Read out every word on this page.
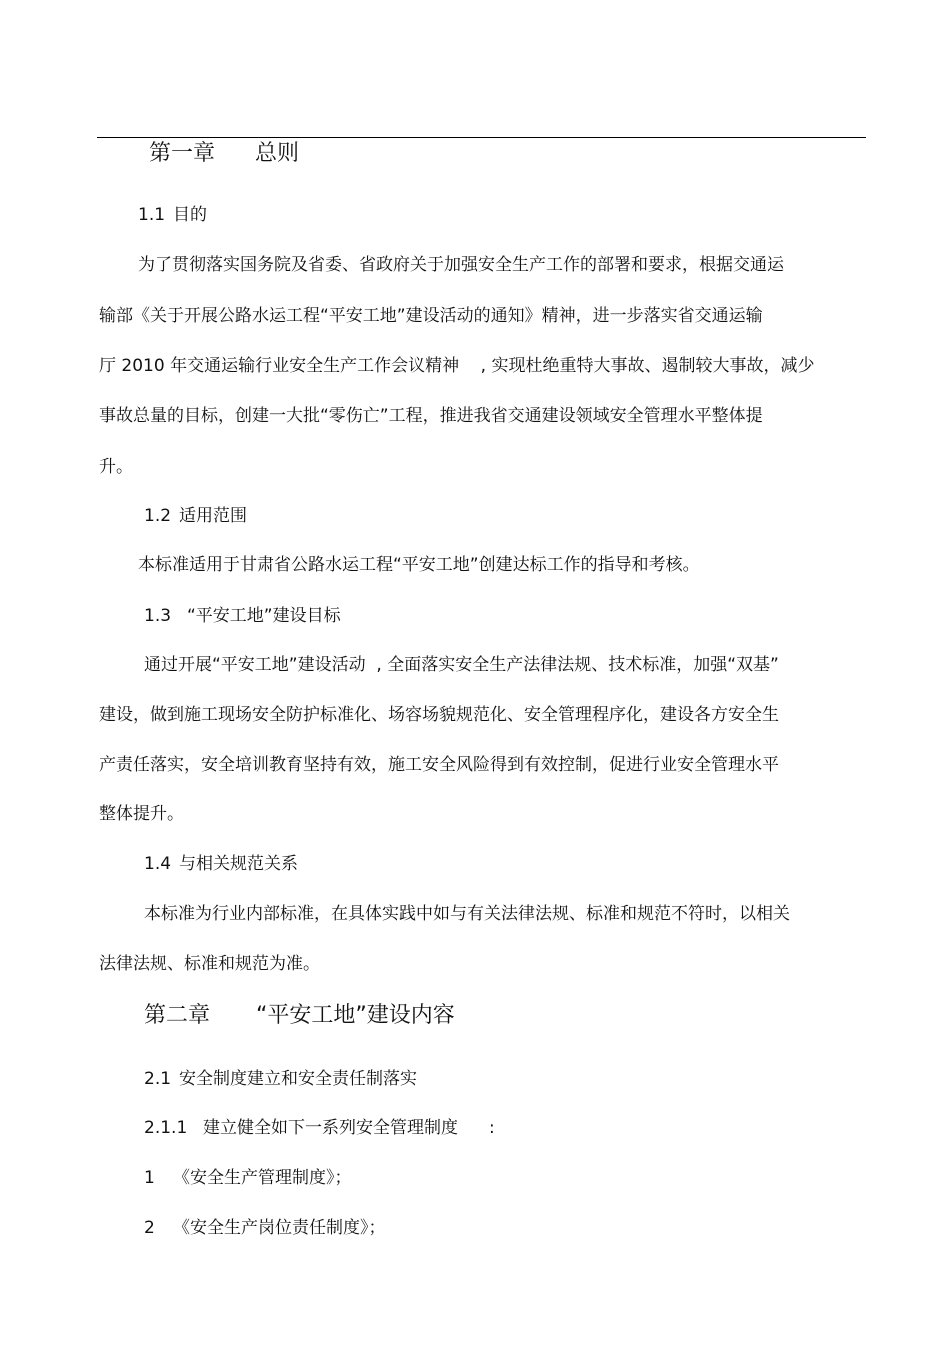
第一章 总则
1.1 目的
为了贯彻落实国务院及省委、省政府关于加强安全生产工作的部署和要求，根据交通运
输部《关于开展公路水运工程“平安工地”建设活动的通知》精神，进一步落实省交通运输
厅 2010 年交通运输行业安全生产工作会议精神    , 实现杜绝重特大事故、遏制较大事故，减少
事故总量的目标，创建一大批“零伤亡”工程，推进我省交通建设领域安全管理水平整体提
升。
1.2 适用范围
本标准适用于甘肃省公路水运工程“平安工地”创建达标工作的指导和考核。
1.3 “平安工地”建设目标
通过开展“平安工地”建设活动  , 全面落实安全生产法律法规、技术标准，加强“双基”
建设，做到施工现场安全防护标准化、场容场貌规范化、安全管理程序化，建设各方安全生
产责任落实，安全培训教育坚持有效，施工安全风险得到有效控制，促进行业安全管理水平
整体提升。
1.4 与相关规范关系
本标准为行业内部标准，在具体实践中如与有关法律法规、标准和规范不符时，以相关
法律法规、标准和规范为准。
第二章 “平安工地”建设内容
2.1 安全制度建立和安全责任制落实
2.1.1 建立健全如下一系列安全管理制度 :
1 《安全生产管理制度》；
2 《安全生产岗位责任制度》；
